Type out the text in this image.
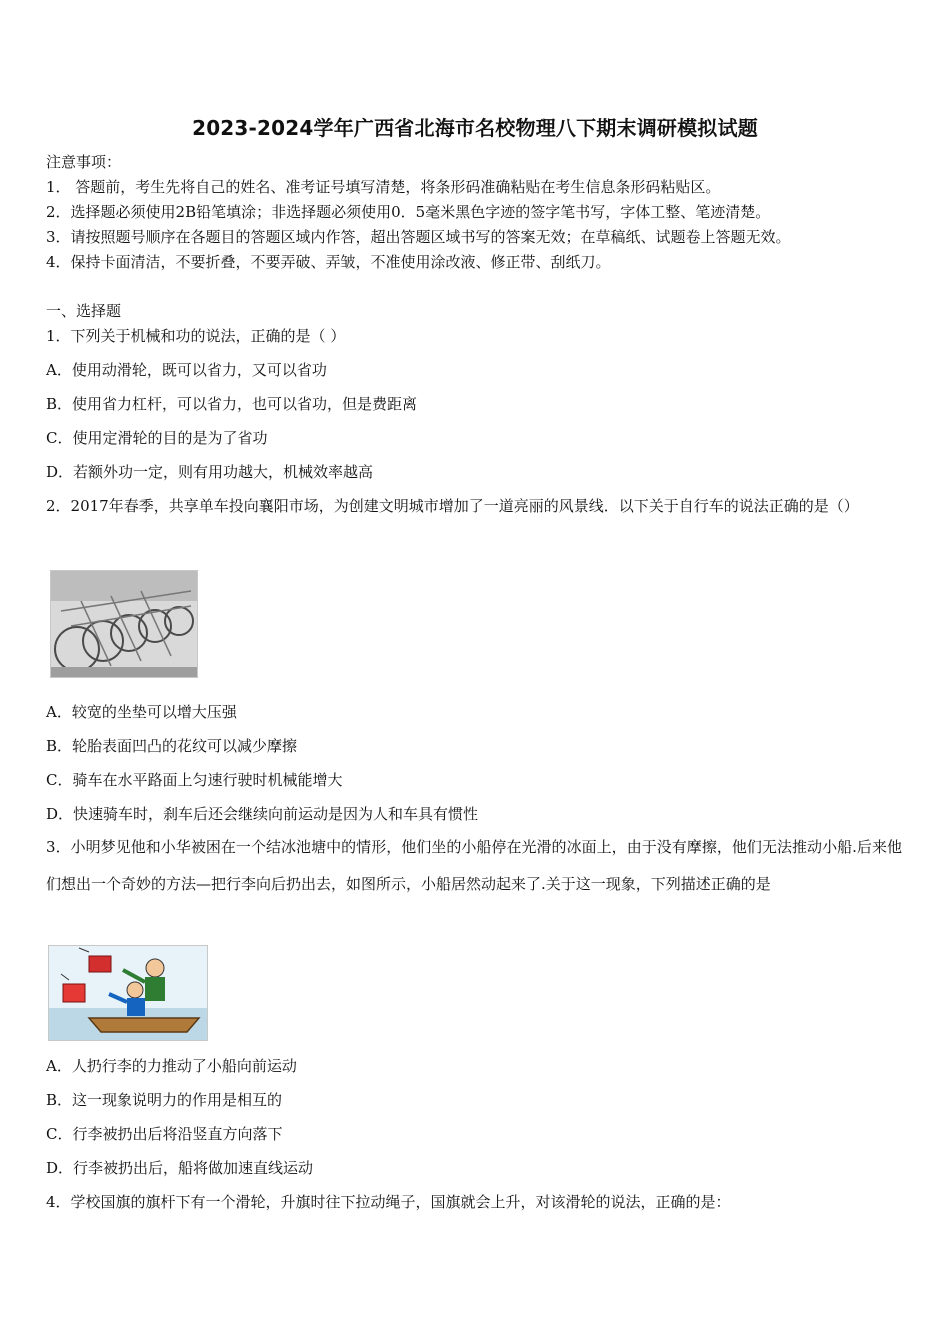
2023-2024学年广西省北海市名校物理八下期末调研模拟试题
注意事项：
1． 答题前，考生先将自己的姓名、准考证号填写清楚，将条形码准确粘贴在考生信息条形码粘贴区。
2．选择题必须使用2B铅笔填涂；非选择题必须使用0．5毫米黑色字迹的签字笔书写，字体工整、笔迹清楚。
3．请按照题号顺序在各题目的答题区域内作答，超出答题区域书写的答案无效；在草稿纸、试题卷上答题无效。
4．保持卡面清洁，不要折叠，不要弄破、弄皱，不准使用涂改液、修正带、刮纸刀。
一、选择题
1．下列关于机械和功的说法，正确的是（ ）
A．使用动滑轮，既可以省力，又可以省功
B．使用省力杠杆，可以省力，也可以省功，但是费距离
C．使用定滑轮的目的是为了省功
D．若额外功一定，则有用功越大，机械效率越高
2．2017年春季，共享单车投向襄阳市场，为创建文明城市增加了一道亮丽的风景线．以下关于自行车的说法正确的是（）
A．较宽的坐垫可以增大压强
B．轮胎表面凹凸的花纹可以减少摩擦
C．骑车在水平路面上匀速行驶时机械能增大
D．快速骑车时，刹车后还会继续向前运动是因为人和车具有惯性
3．小明梦见他和小华被困在一个结冰池塘中的情形，他们坐的小船停在光滑的冰面上，由于没有摩擦，他们无法推动小船.后来他们想出一个奇妙的方法—把行李向后扔出去，如图所示，小船居然动起来了.关于这一现象，下列描述正确的是
A．人扔行李的力推动了小船向前运动
B．这一现象说明力的作用是相互的
C．行李被扔出后将沿竖直方向落下
D．行李被扔出后，船将做加速直线运动
4．学校国旗的旗杆下有一个滑轮，升旗时往下拉动绳子，国旗就会上升，对该滑轮的说法，正确的是：
